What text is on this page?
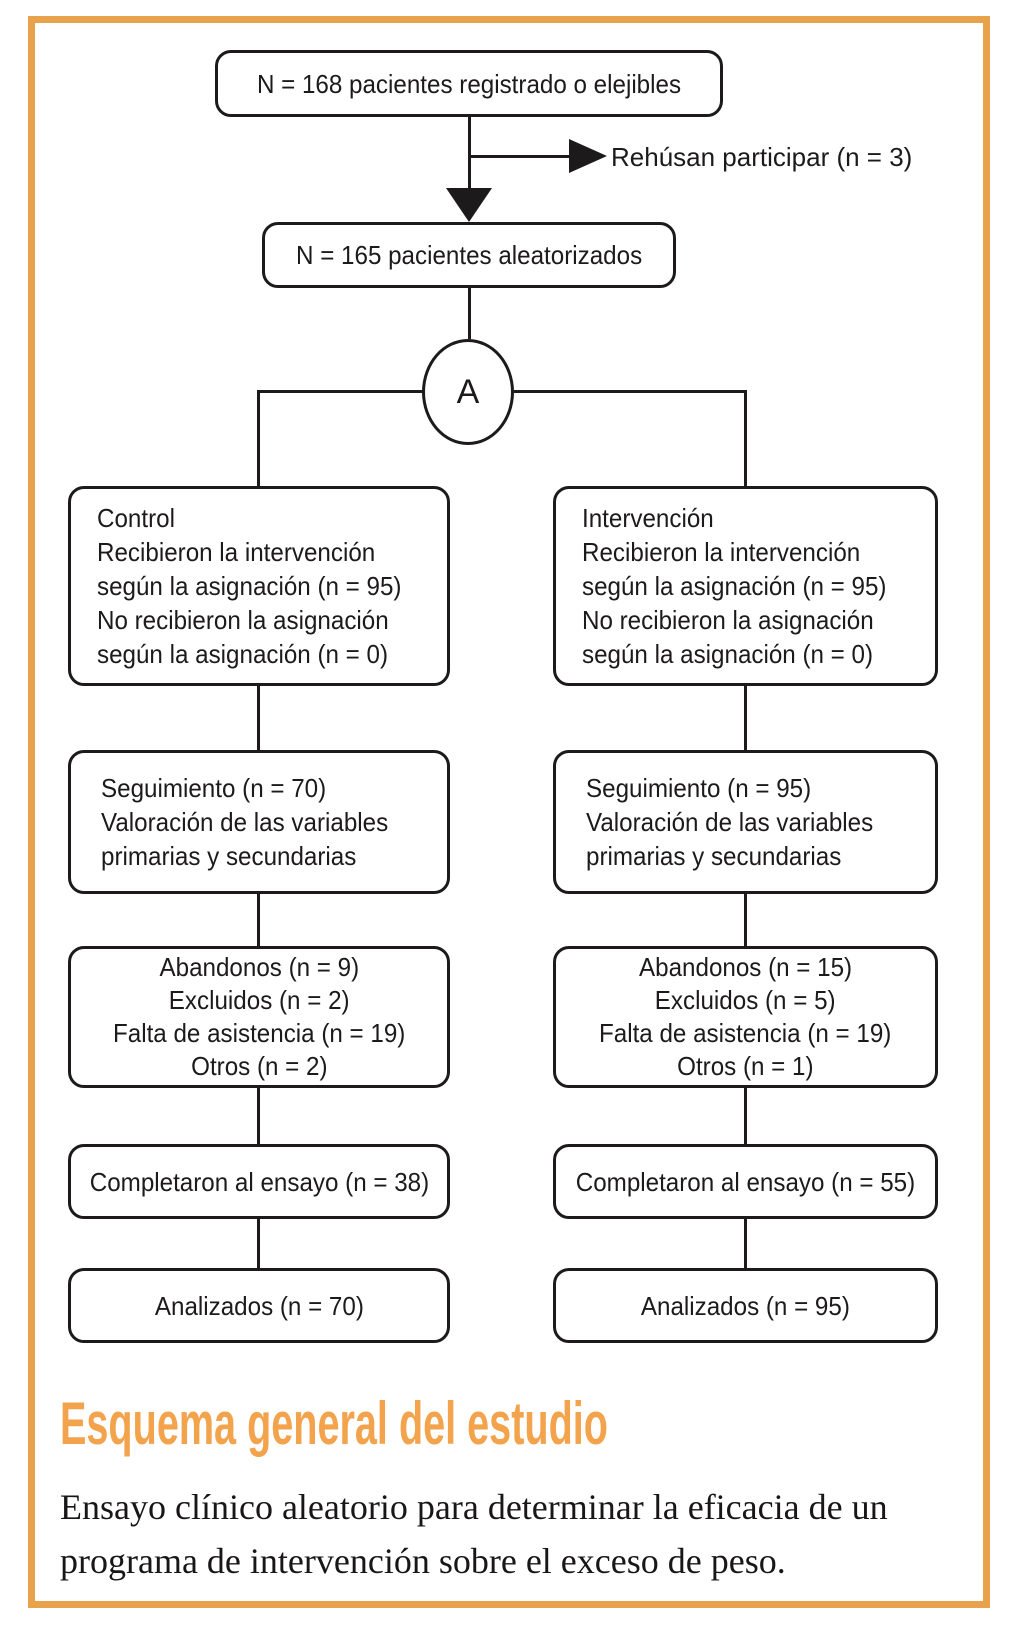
N = 168 pacientes registrado o elejibles
Rehúsan participar (n = 3)
N = 165 pacientes aleatorizados
A
Control
Recibieron la intervención
según la asignación (n = 95)
No recibieron la asignación
según la asignación (n = 0)
Intervención
Recibieron la intervención
según la asignación (n = 95)
No recibieron la asignación
según la asignación (n = 0)
Seguimiento (n = 70)
Valoración de las variables
primarias y secundarias
Seguimiento (n = 95)
Valoración de las variables
primarias y secundarias
Abandonos (n = 9)
Excluidos (n = 2)
Falta de asistencia (n = 19)
Otros (n = 2)
Abandonos (n = 15)
Excluidos (n = 5)
Falta de asistencia (n = 19)
Otros (n = 1)
Completaron al ensayo (n = 38)	Completaron al ensayo (n = 55)
Analizados (n = 70)	Analizados (n = 95)
Esquema general del estudio
Ensayo clínico aleatorio para determinar la eficacia de un
programa de intervención sobre el exceso de peso.
